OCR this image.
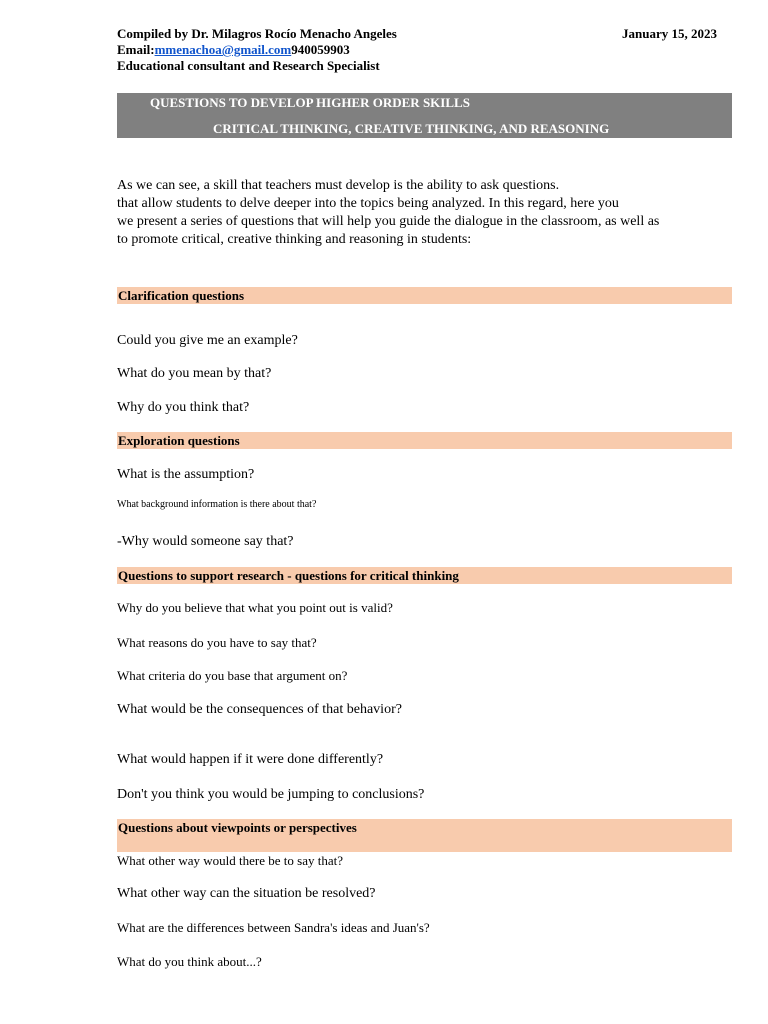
Compiled by Dr. Milagros Rocío Menacho Angeles	January 15, 2023
Email:mmenachoa@gmail.com940059903
Educational consultant and Research Specialist
QUESTIONS TO DEVELOP HIGHER ORDER SKILLS
CRITICAL THINKING, CREATIVE THINKING, AND REASONING
As we can see, a skill that teachers must develop is the ability to ask questions.
that allow students to delve deeper into the topics being analyzed. In this regard, here you
we present a series of questions that will help you guide the dialogue in the classroom, as well as
to promote critical, creative thinking and reasoning in students:
Clarification questions
Could you give me an example?
What do you mean by that?
Why do you think that?
Exploration questions
What is the assumption?
What background information is there about that?
-Why would someone say that?
Questions to support research - questions for critical thinking
Why do you believe that what you point out is valid?
What reasons do you have to say that?
What criteria do you base that argument on?
What would be the consequences of that behavior?
What would happen if it were done differently?
Don't you think you would be jumping to conclusions?
Questions about viewpoints or perspectives
What other way would there be to say that?
What other way can the situation be resolved?
What are the differences between Sandra's ideas and Juan's?
What do you think about...?
